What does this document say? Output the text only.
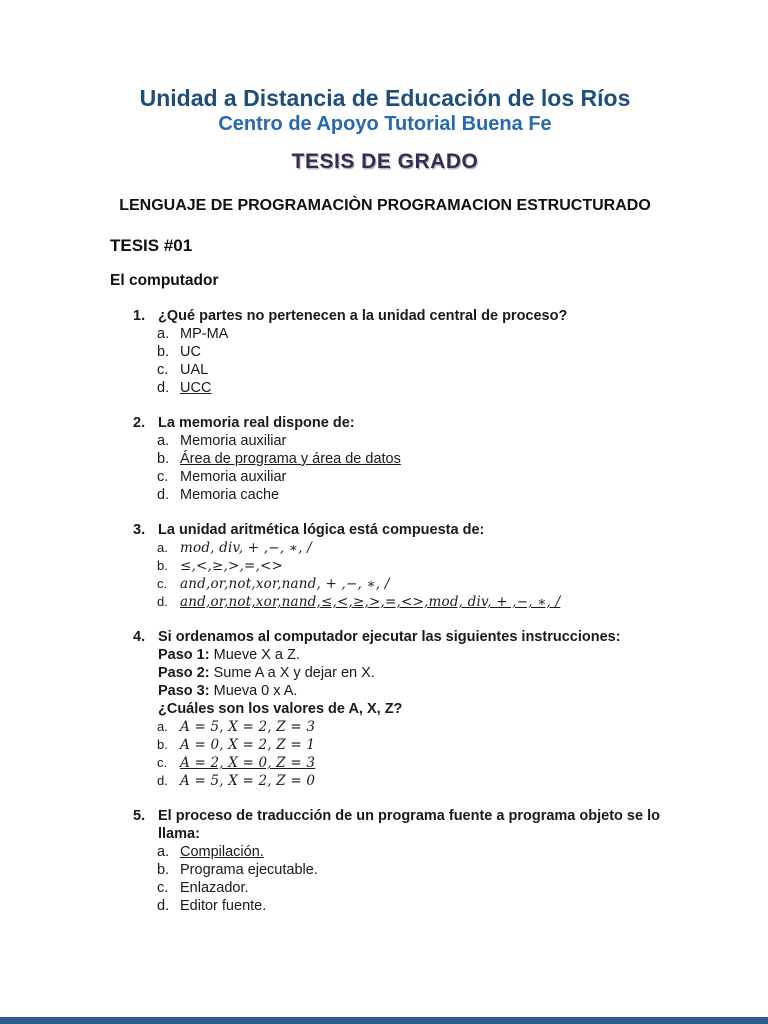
Unidad a Distancia de Educación de los Ríos
Centro de Apoyo Tutorial Buena Fe
TESIS DE GRADO
LENGUAJE DE PROGRAMACIÒN PROGRAMACION ESTRUCTURADO
TESIS #01
El computador
1. ¿Qué partes no pertenecen a la unidad central de proceso?
a. MP-MA
b. UC
c. UAL
d. UCC
2. La memoria real dispone de:
a. Memoria auxiliar
b. Área de programa y área de datos
c. Memoria auxiliar
d. Memoria cache
3. La unidad aritmética lógica está compuesta de:
a. mod, div, + ,−, ∗, /
b. ≤,<,≥,>,=,<>
c. and,or,not,xor,nand, + ,−, ∗, /
d. and,or,not,xor,nand,≤,<,≥,>,=,<>,mod, div, + ,−, ∗, /
4. Si ordenamos al computador ejecutar las siguientes instrucciones:
Paso 1: Mueve X a Z.
Paso 2: Sume A a X y dejar en X.
Paso 3: Mueva 0 x A.
¿Cuáles son los valores de A, X, Z?
a. A = 5, X = 2, Z = 3
b. A = 0, X = 2, Z = 1
c. A = 2, X = 0, Z = 3
d. A = 5, X = 2, Z = 0
5. El proceso de traducción de un programa fuente a programa objeto se lo llama:
a. Compilación.
b. Programa ejecutable.
c. Enlazador.
d. Editor fuente.
